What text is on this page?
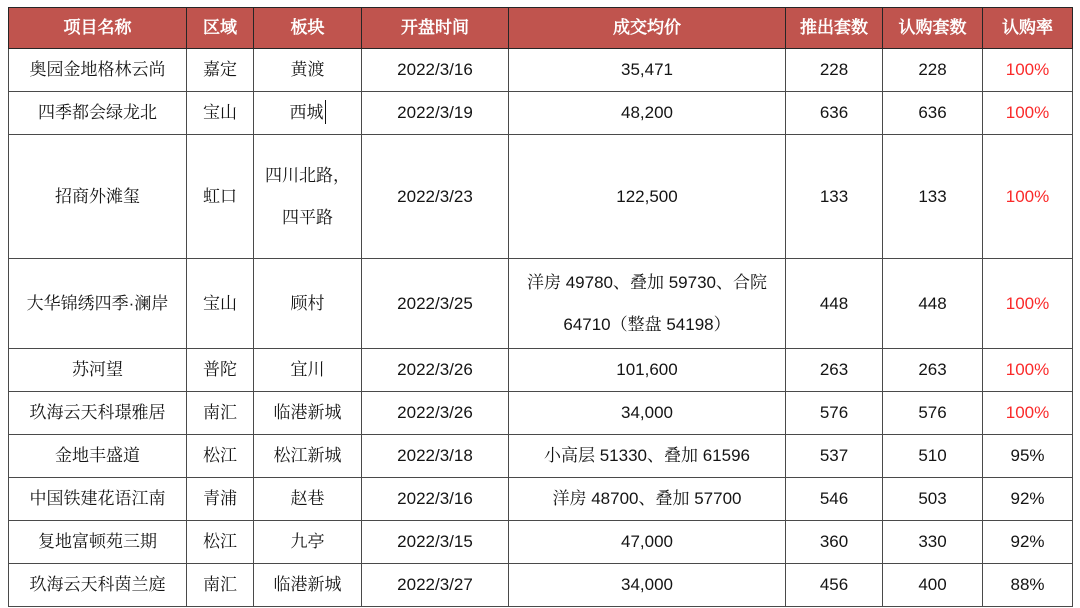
项目名称	区域	板块	开盘时间	成交均价	推出套数	认购套数	认购率
奥园金地格林云尚	嘉定	黄渡	2022/3/16	35,471	228	228	100%
四季都会绿龙北	宝山	西城	2022/3/19	48,200	636	636	100%
招商外滩玺	虹口	四川北路，四平路	2022/3/23	122,500	133	133	100%
大华锦绣四季·澜岸	宝山	顾村	2022/3/25	洋房 49780、叠加 59730、合院 64710（整盘 54198）	448	448	100%
苏河望	普陀	宜川	2022/3/26	101,600	263	263	100%
玖海云天科璟雅居	南汇	临港新城	2022/3/26	34,000	576	576	100%
金地丰盛道	松江	松江新城	2022/3/18	小高层 51330、叠加 61596	537	510	95%
中国铁建花语江南	青浦	赵巷	2022/3/16	洋房 48700、叠加 57700	546	503	92%
复地富顿苑三期	松江	九亭	2022/3/15	47,000	360	330	92%
玖海云天科茵兰庭	南汇	临港新城	2022/3/27	34,000	456	400	88%
